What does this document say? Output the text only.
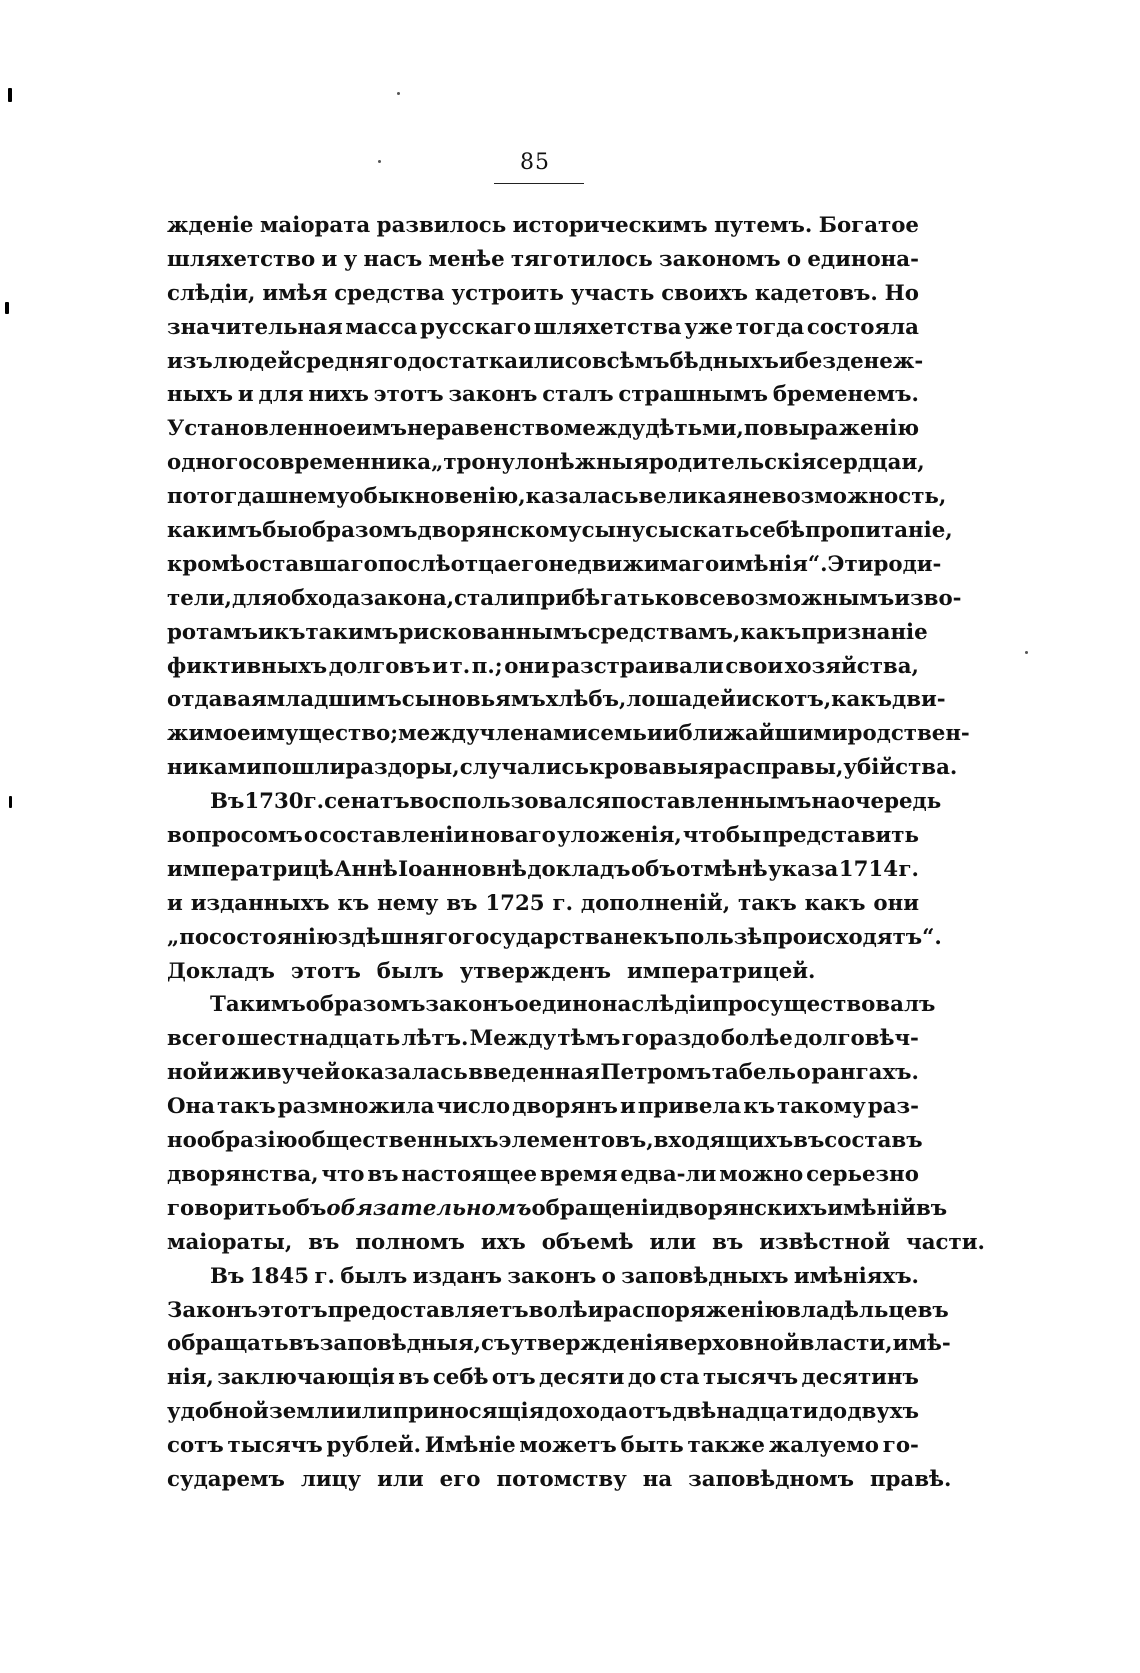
85
жденіе маіората развилось историческимъ путемъ. Богатое
шляхетство и у насъ менѣе тяготилось закономъ о единона-
слѣдіи, имѣя средства устроить участь своихъ кадетовъ. Но
значительная масса русскаго шляхетства уже тогда состояла
изъ людей средняго достатка или совсѣмъ бѣдныхъ и безденеж-
ныхъ и для нихъ этотъ законъ сталъ страшнымъ бременемъ.
Установленное имъ неравенство между дѣтьми, по выраженію
одного современника „тронуло нѣжныя родительскія сердца и,
по тогдашнему обыкновенію, казалась великая невозможность,
какимъ бы образомъ дворянскому сыну сыскать себѣ пропитаніе,
кромѣ оставшаго послѣ отца его недвижимаго имѣнія“. Эти роди-
тели, для обхода закона, стали прибѣгать ко всевозможнымъ изво-
ротамъ и къ такимъ рискованнымъ средствамъ, какъ признаніе
фиктивныхъ долговъ и т. п.; они разстраивали свои хозяйства,
отдавая младшимъ сыновьямъ хлѣбъ, лошадей и скотъ, какъ дви-
жимое имущество; между членами семьи и ближайшими родствен-
никами пошли раздоры, случались кровавыя расправы, убійства.
Въ 1730 г. сенатъ воспользовался поставленнымъ на очередь
вопросомъ о составленіи новаго уложенія, чтобы представить
императрицѣ Аннѣ Іоанновнѣ докладъ объ отмѣнѣ указа 1714 г.
и изданныхъ къ нему въ 1725 г. дополненій, такъ какъ они
„по состоянію здѣшняго государства не къ пользѣ происходятъ“.
Докладъ этотъ былъ утвержденъ императрицей.
Такимъ образомъ законъ о единонаслѣдіи просуществовалъ
всего шестнадцать лѣтъ. Между тѣмъ гораздо болѣе долговѣч-
ной и живучей оказалась введенная Петромъ табель о рангахъ.
Она такъ размножила число дворянъ и привела къ такому раз-
нообразію общественныхъ элементовъ, входящихъ въ составъ
дворянства, что въ настоящее время едва-ли можно серьезно
говорить объ обязательномъ обращеніи дворянскихъ имѣній въ
маіораты, въ полномъ ихъ объемѣ или въ извѣстной части.
Въ 1845 г. былъ изданъ законъ о заповѣдныхъ имѣніяхъ.
Законъ этотъ предоставляетъ волѣ и распоряженію владѣльцевъ
обращать въ заповѣдныя, съ утвержденія верховной власти, имѣ-
нія, заключающія въ себѣ отъ десяти до ста тысячъ десятинъ
удобной земли или приносящія дохода отъ двѣнадцати до двухъ
сотъ тысячъ рублей. Имѣніе можетъ быть также жалуемо го-
сударемъ лицу или его потомству на заповѣдномъ правѣ.
